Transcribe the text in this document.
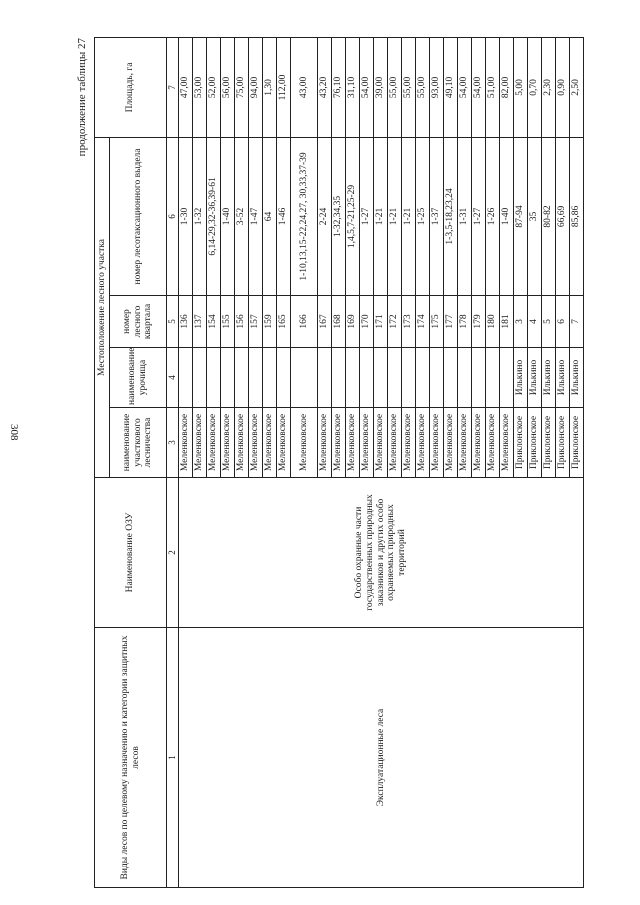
308
продолжение таблицы 27
Виды лесов по целевому назначению и категории защитных лесов	Наименование ОЗУ	Местоположение лесного участка				Площадь, га
		наименование участкового лесничества	наименование урочища	номер лесного квартала	номер лесотаксационного выдела	
1	2	3	4	5	6	7
Эксплуатационные леса	Особо охранные части государственных природных заказников и других особо охраняемых природных территорий	Меленковское		136	1-30	47,00
		Меленковское		137	1-32	53,00
		Меленковское		154	6,14-29,32-36,39-61	52,00
		Меленковское		155	1-40	56,00
		Меленковское		156	3-52	75,00
		Меленковское		157	1-47	94,00
		Меленковское		159	64	1,30
		Меленковское		165	1-46	112,00
		Меленковское		166	1-10,13,15-22,24,27, 30,33,37-39	43,00
		Меленковское		167	2-24	43,20
		Меленковское		168	1-32,34,35	76,10
		Меленковское		169	1,4,5,7-21,25-29	31,10
		Меленковское		170	1-27	54,00
		Меленковское		171	1-21	39,00
		Меленковское		172	1-21	55,00
		Меленковское		173	1-21	55,00
		Меленковское		174	1-25	55,00
		Меленковское		175	1-37	93,00
		Меленковское		177	1-3,5-18,23,24	49,10
		Меленковское		178	1-31	54,00
		Меленковское		179	1-27	54,00
		Меленковское		180	1-26	51,00
		Меленковское		181	1-40	82,00
		Приклонское	Илькино	3	87-94	5,00
		Приклонское	Илькино	4	35	0,70
		Приклонское	Илькино	5	80-82	2,30
		Приклонское	Илькино	6	66,69	0,90
		Приклонское	Илькино	7	85,86	2,50
